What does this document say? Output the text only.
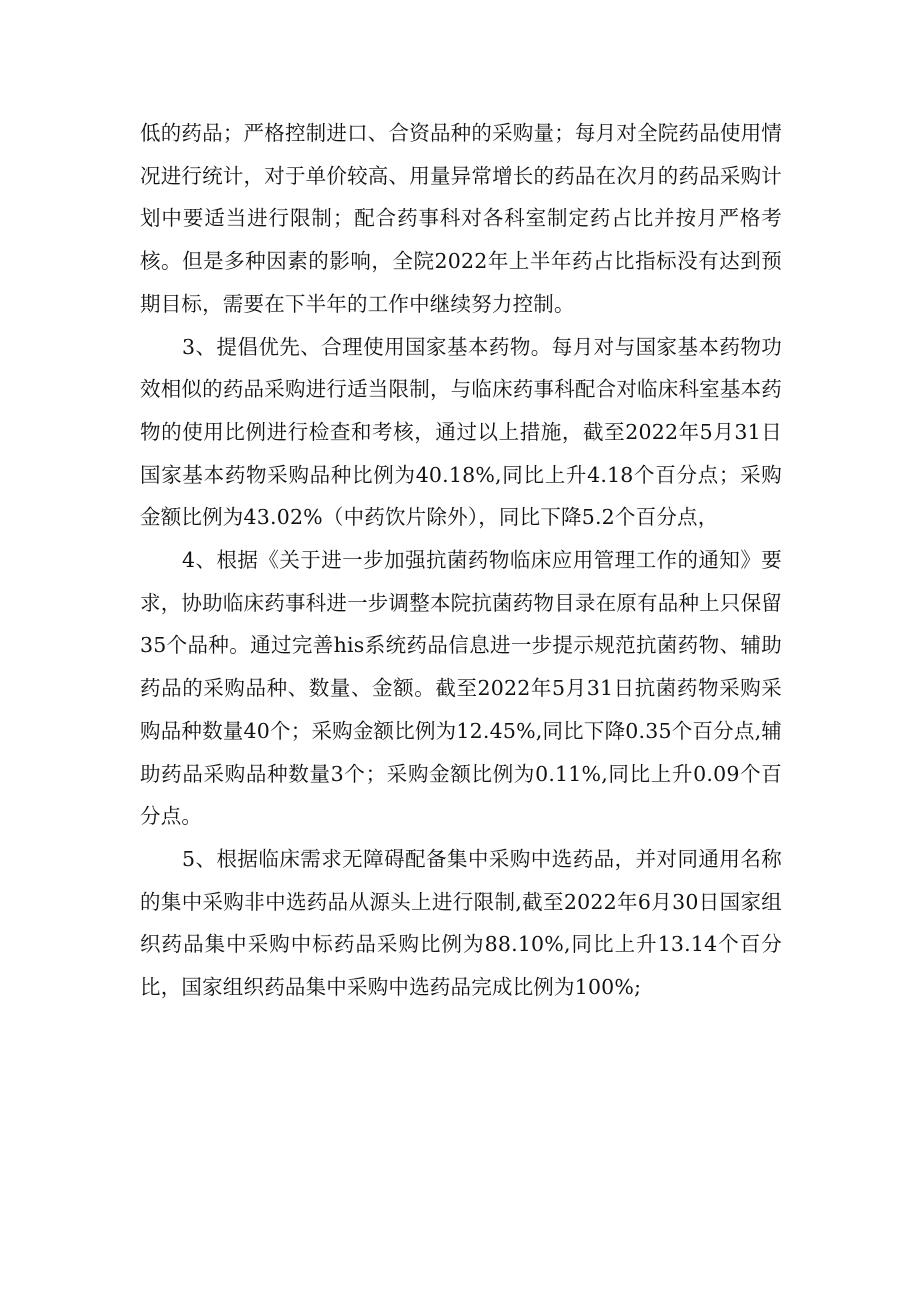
低的药品；严格控制进口、合资品种的采购量；每月对全院药品使用情况进行统计，对于单价较高、用量异常增长的药品在次月的药品采购计划中要适当进行限制；配合药事科对各科室制定药占比并按月严格考核。但是多种因素的影响，全院2022年上半年药占比指标没有达到预期目标，需要在下半年的工作中继续努力控制。

3、提倡优先、合理使用国家基本药物。每月对与国家基本药物功效相似的药品采购进行适当限制，与临床药事科配合对临床科室基本药物的使用比例进行检查和考核，通过以上措施，截至2022年5月31日国家基本药物采购品种比例为40.18%,同比上升4.18个百分点；采购金额比例为43.02%（中药饮片除外），同比下降5.2个百分点，

4、根据《关于进一步加强抗菌药物临床应用管理工作的通知》要求，协助临床药事科进一步调整本院抗菌药物目录在原有品种上只保留35个品种。通过完善his系统药品信息进一步提示规范抗菌药物、辅助药品的采购品种、数量、金额。截至2022年5月31日抗菌药物采购采购品种数量40个；采购金额比例为12.45%,同比下降0.35个百分点,辅助药品采购品种数量3个；采购金额比例为0.11%,同比上升0.09个百分点。

5、根据临床需求无障碍配备集中采购中选药品，并对同通用名称的集中采购非中选药品从源头上进行限制,截至2022年6月30日国家组织药品集中采购中标药品采购比例为88.10%,同比上升13.14个百分比，国家组织药品集中采购中选药品完成比例为100%;
